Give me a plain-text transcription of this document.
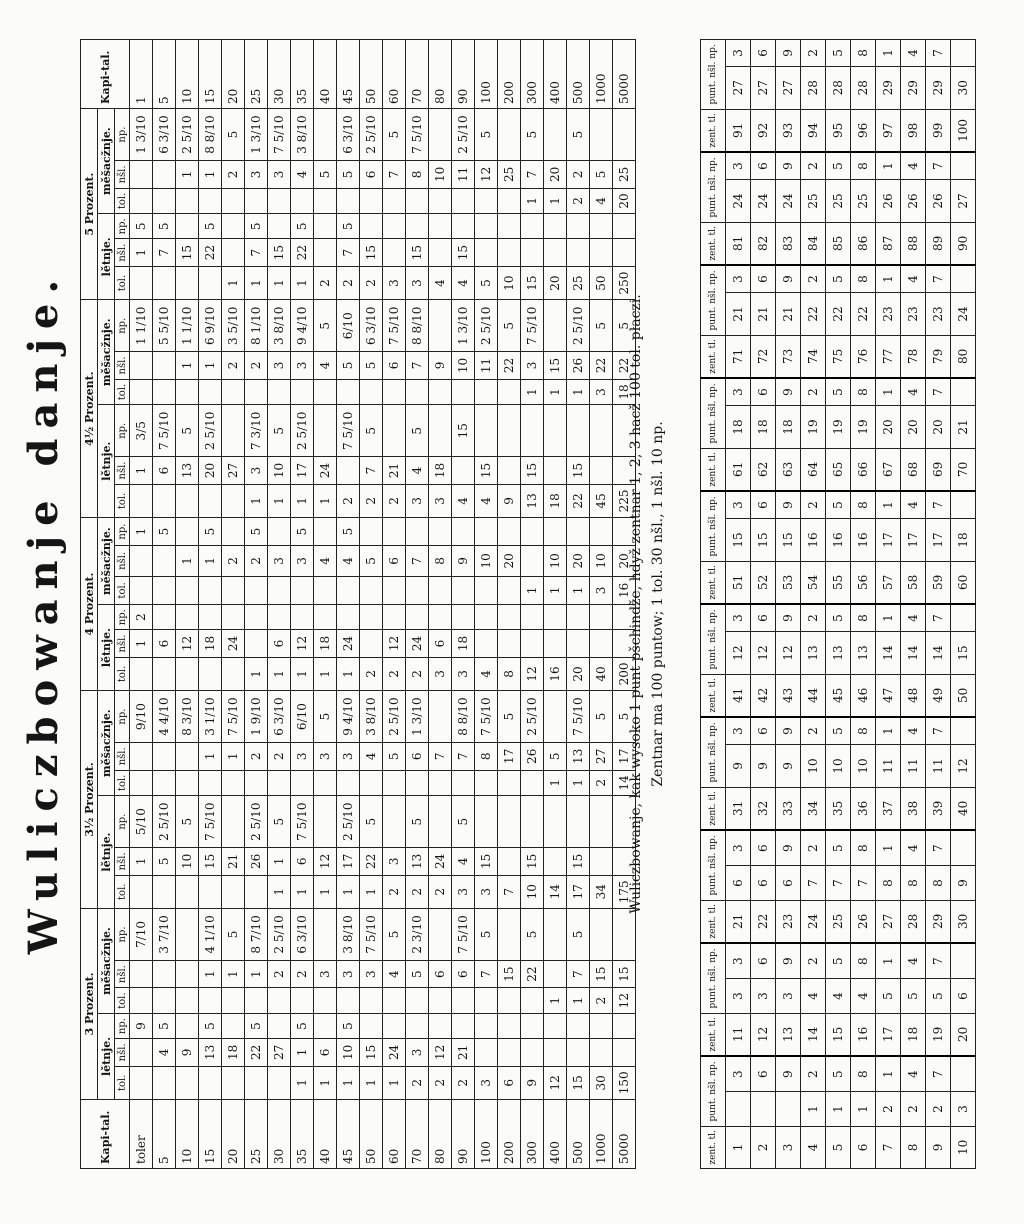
Wuliczbowanje danje.
Kapi-tal.	3 Prozent.						3½ Prozent.						4 Prozent.						4½ Prozent.						5 Prozent.						Kapi-tal.
	lětnje.			měšacžnje.			lětnje.			měšacžnje.			lětnje.			měšacžnje.			lětnje.			měšacžnje.			lětnje.			měšacžnje.			
	tol.	nšl.	np.	tol.	nšl.	np.	tol.	nšl.	np.	tol.	nšl.	np.	tol.	nšl.	np.	tol.	nšl.	np.	tol.	nšl.	np.	tol.	nšl.	np.	tol.	nšl.	np.	tol.	nšl.	np.	
toler			9			7/10		1	5/10			9/10		1	2			1		1	3/5			1 1/10		1	5			1 3/10	1
5		4	5			3 7/10		5	2 5/10			4 4/10		6				5		6	7 5/10			5 5/10		7	5			6 3/10	5
10		9						10	5			8 3/10		12			1			13	5		1	1 1/10		15			1	2 5/10	10
15		13	5		1	4 1/10		15	7 5/10		1	3 1/10		18			1	5		20	2 5/10		1	6 9/10		22	5		1	8 8/10	15
20		18			1	5		21			1	7 5/10		24			2			27			2	3 5/10	1				2	5	20
25		22	5		1	8 7/10		26	2 5/10		2	1 9/10	1				2	5	1	3	7 3/10		2	8 1/10	1	7	5		3	1 3/10	25
30		27			2	2 5/10	1	1	5		2	6 3/10	1	6			3		1	10	5		3	3 8/10	1	15			3	7 5/10	30
35	1	1	5		2	6 3/10	1	6	7 5/10		3	6/10	1	12			3	5	1	17	2 5/10		3	9 4/10	1	22	5		4	3 8/10	35
40	1	6			3		1	12			3	5	1	18			4		1	24			4	5	2				5		40
45	1	10	5		3	3 8/10	1	17	2 5/10		3	9 4/10	1	24			4	5	2		7 5/10		5	6/10	2	7	5		5	6 3/10	45
50	1	15			3	7 5/10	1	22	5		4	3 8/10	2				5		2	7	5		5	6 3/10	2	15			6	2 5/10	50
60	1	24			4	5	2	3			5	2 5/10	2	12			6		2	21			6	7 5/10	3				7	5	60
70	2	3			5	2 3/10	2	13	5		6	1 3/10	2	24			7		3	4	5		7	8 8/10	3	15			8	7 5/10	70
80	2	12			6		2	24			7		3	6			8		3	18			9		4				10		80
90	2	21			6	7 5/10	3	4	5		7	8 8/10	3	18			9		4		15		10	1 3/10	4	15			11	2 5/10	90
100	3				7	5	3	15			8	7 5/10	4				10		4	15			11	2 5/10	5				12	5	100
200	6				15		7				17	5	8				20		9				22	5	10				25		200
300	9				22	5	10	15			26	2 5/10	12			1			13	15		1	3	7 5/10	15			1	7	5	300
400	12			1			14			1	5		16			1	10		18			1	15		20			1	20		400
500	15			1	7	5	17	15		1	13	7 5/10	20			1	20		22	15		1	26	2 5/10	25			2	2	5	500
1000	30			2	15		34			2	27	5	40			3	10		45			3	22	5	50			4	5		1000
5000	150			12	15		175			14	17	5	200			16	20		225			18	22	5	250			20	25		5000
Wuliczbowanje, kak wysoko 1 punt pšchindže, hdyž zentnar 1, 2, 3 hacž 100 tol. płaczi. Zentnar ma 100 puntow; 1 tol. 30 nšl., 1 nšl. 10 np.
zent. tl.	punt. nšl. np.		zent. tl.	punt. nšl. np.		zent. tl.	punt. nšl. np.		zent. tl.	punt. nšl. np.		zent. tl.	punt. nšl. np.		zent. tl.	punt. nšl. np.		zent. tl.	punt. nšl. np.		zent. tl.	punt. nšl. np.		zent. tl.	punt. nšl. np.		zent. tl.	punt. nšl. np.	
1		3	11	3	3	21	6	3	31	9	3	41	12	3	51	15	3	61	18	3	71	21	3	81	24	3	91	27	3
2		6	12	3	6	22	6	6	32	9	6	42	12	6	52	15	6	62	18	6	72	21	6	82	24	6	92	27	6
3		9	13	3	9	23	6	9	33	9	9	43	12	9	53	15	9	63	18	9	73	21	9	83	24	9	93	27	9
4	1	2	14	4	2	24	7	2	34	10	2	44	13	2	54	16	2	64	19	2	74	22	2	84	25	2	94	28	2
5	1	5	15	4	5	25	7	5	35	10	5	45	13	5	55	16	5	65	19	5	75	22	5	85	25	5	95	28	5
6	1	8	16	4	8	26	7	8	36	10	8	46	13	8	56	16	8	66	19	8	76	22	8	86	25	8	96	28	8
7	2	1	17	5	1	27	8	1	37	11	1	47	14	1	57	17	1	67	20	1	77	23	1	87	26	1	97	29	1
8	2	4	18	5	4	28	8	4	38	11	4	48	14	4	58	17	4	68	20	4	78	23	4	88	26	4	98	29	4
9	2	7	19	5	7	29	8	7	39	11	7	49	14	7	59	17	7	69	20	7	79	23	7	89	26	7	99	29	7
10	3		20	6		30	9		40	12		50	15		60	18		70	21		80	24		90	27		100	30	
